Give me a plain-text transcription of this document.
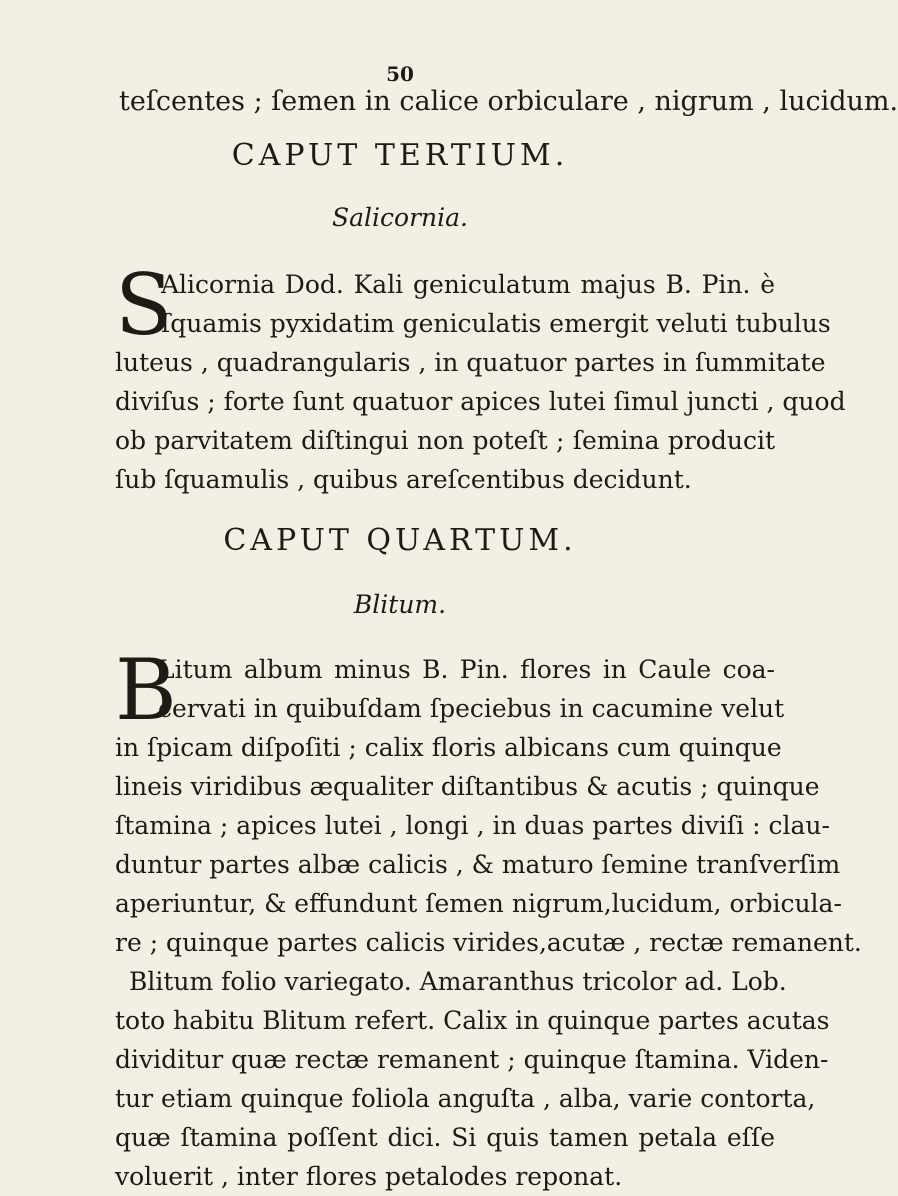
50
teſcentes ; ſemen in calice orbiculare , nigrum , lucidum.
CAPUT TERTIUM.
Salicornia.
S
Alicornia Dod. Kali geniculatum majus B. Pin. è
ſquamis pyxidatim geniculatis emergit veluti tubulus
luteus , quadrangularis , in quatuor partes in ſummitate
diviſus ; forte ſunt quatuor apices lutei ſimul juncti , quod
ob parvitatem diſtingui non poteſt ; ſemina producit
ſub ſquamulis , quibus areſcentibus decidunt.
CAPUT QUARTUM.
Blitum.
B
Litum album minus B. Pin. flores in Caule coa-
cervati in quibuſdam ſpeciebus in cacumine velut
in ſpicam diſpoſiti ; calix floris albicans cum quinque
lineis viridibus æqualiter diſtantibus & acutis ; quinque
ſtamina ; apices lutei , longi , in duas partes diviſi : clau-
duntur partes albæ calicis , & maturo ſemine tranſverſim
aperiuntur, & effundunt ſemen nigrum,lucidum, orbicula-
re ; quinque partes calicis virides,acutæ , rectæ remanent.
Blitum folio variegato. Amaranthus tricolor ad. Lob.
toto habitu Blitum refert. Calix in quinque partes acutas
dividitur quæ rectæ remanent ; quinque ſtamina. Viden-
tur etiam quinque foliola anguſta , alba, varie contorta,
quæ ſtamina poſſent dici. Si quis tamen petala eſſe
voluerit , inter flores petalodes reponat.
